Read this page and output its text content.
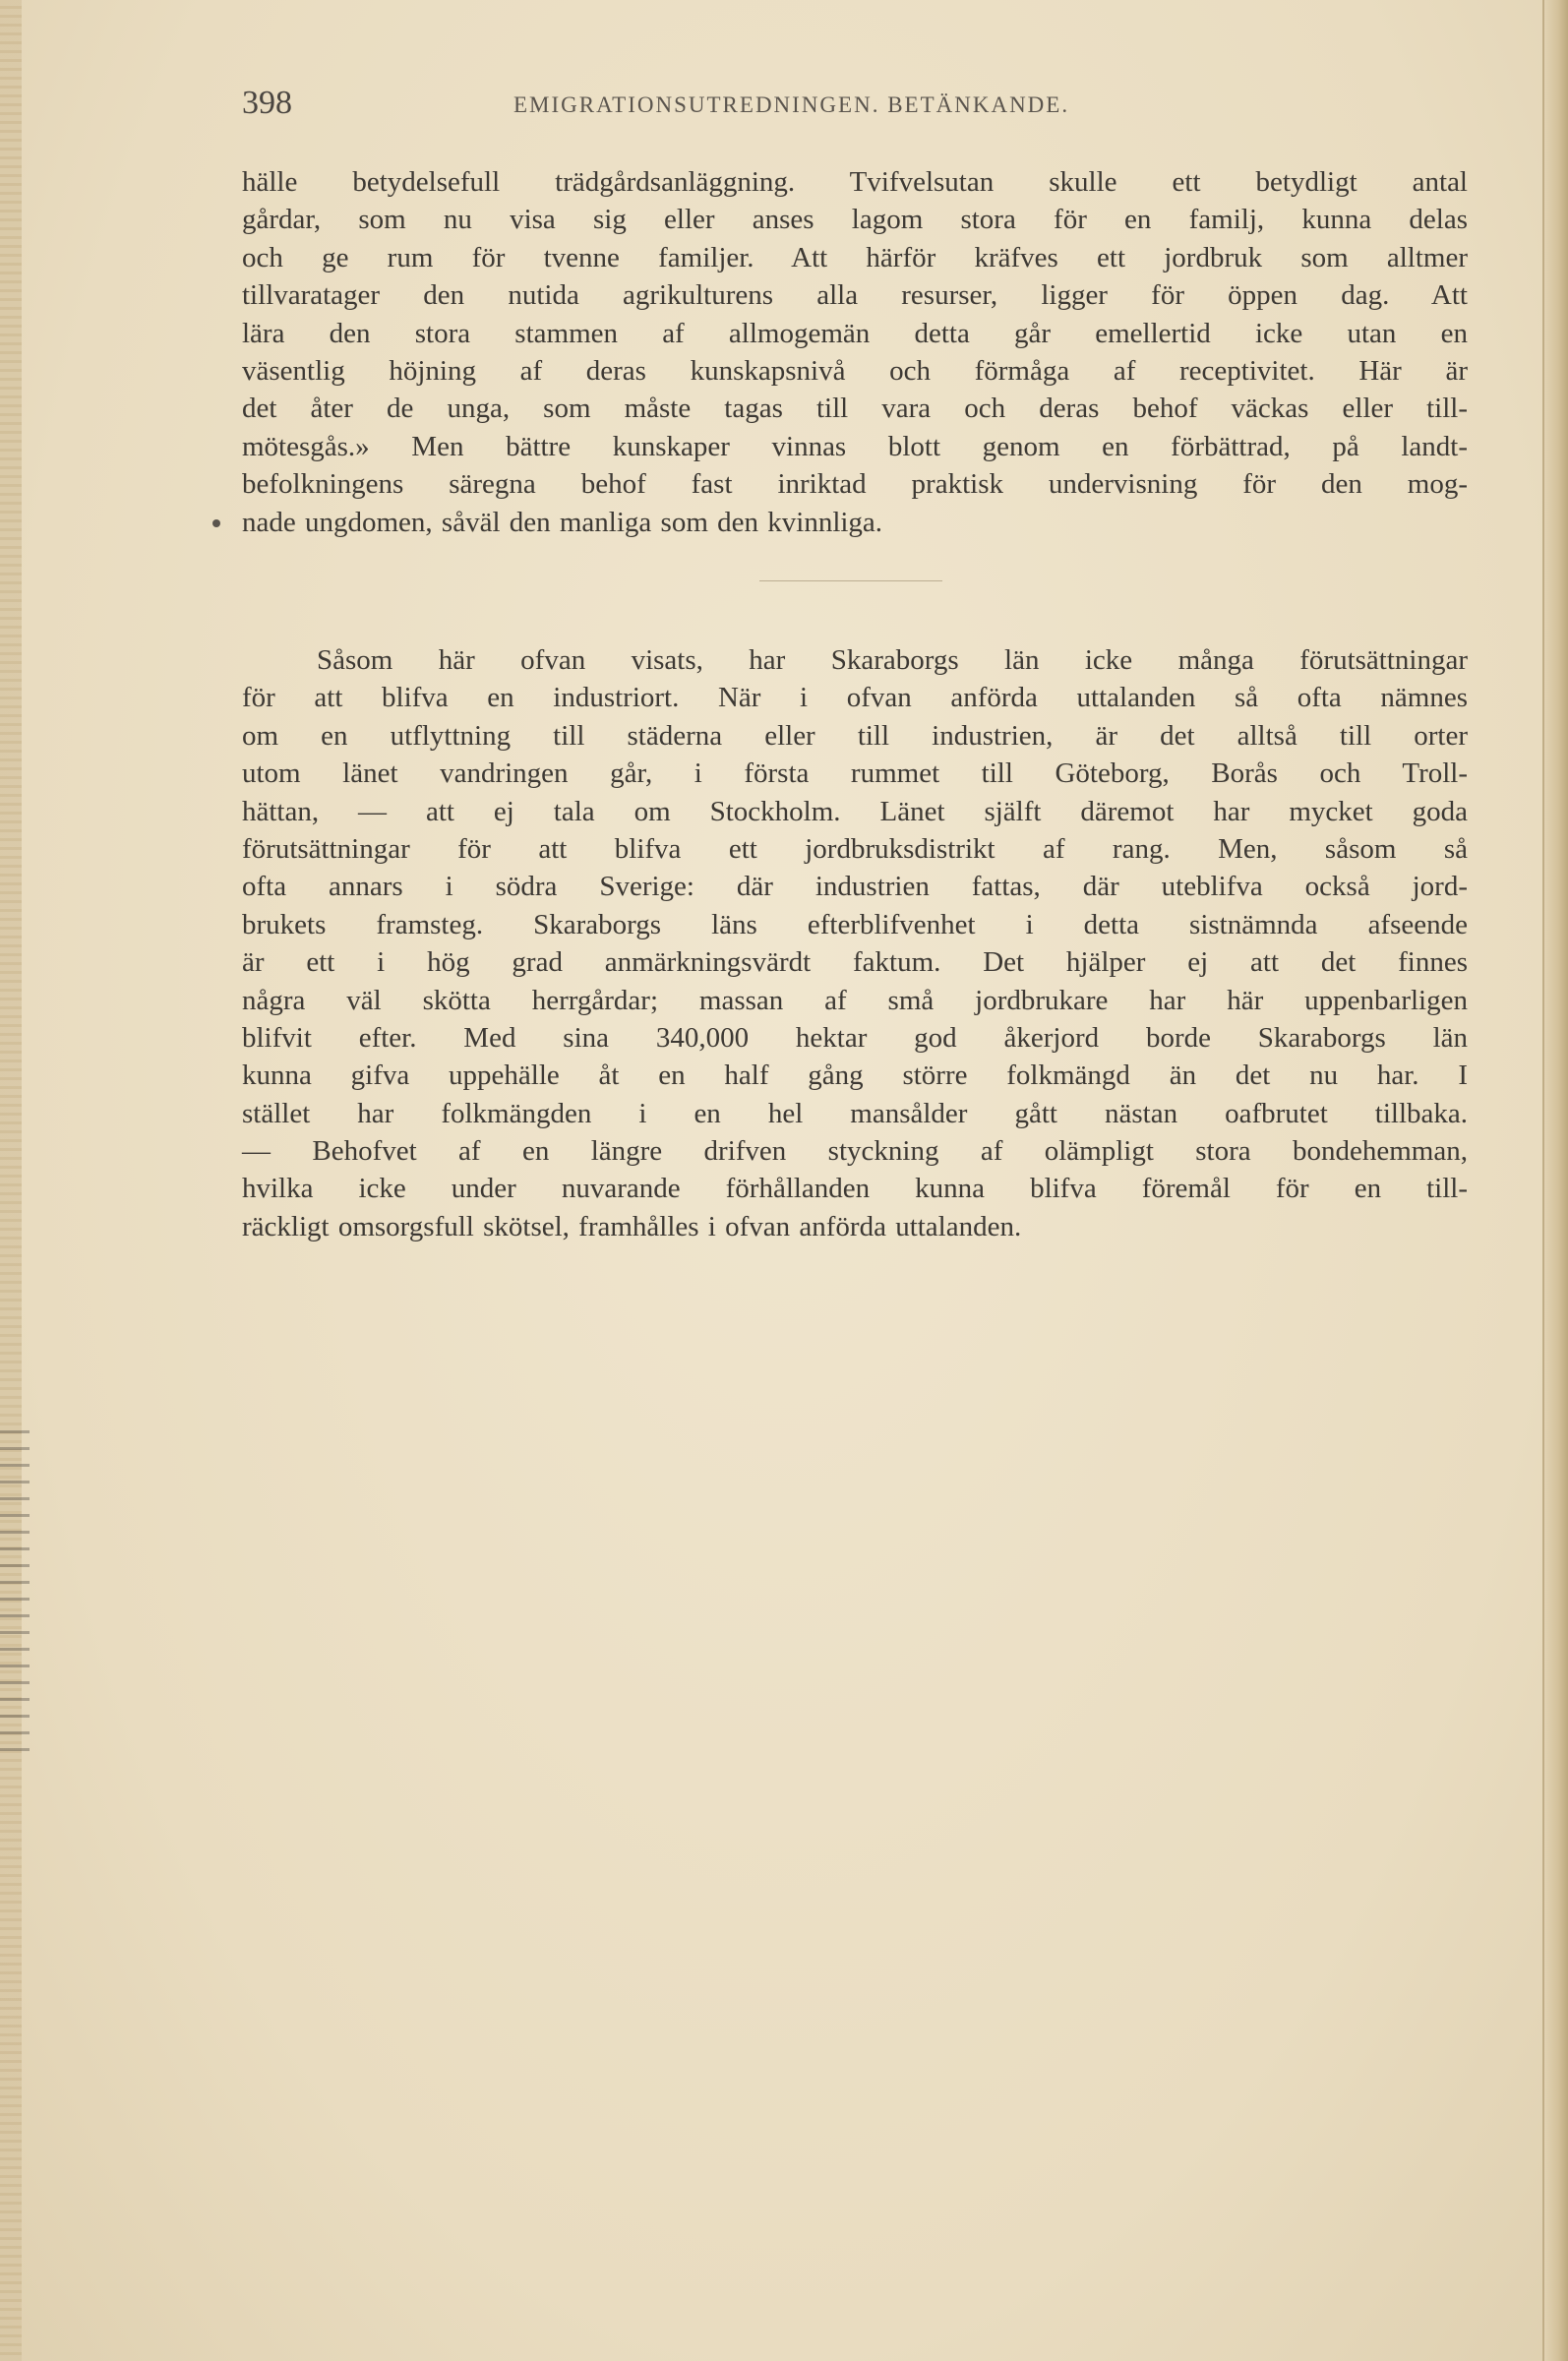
398	EMIGRATIONSUTREDNINGEN. BETÄNKANDE.
hälle betydelsefull trädgårdsanläggning. Tvifvelsutan skulle ett betydligt antal
gårdar, som nu visa sig eller anses lagom stora för en familj, kunna delas
och ge rum för tvenne familjer. Att härför kräfves ett jordbruk som alltmer
tillvaratager den nutida agrikulturens alla resurser, ligger för öppen dag. Att
lära den stora stammen af allmogemän detta går emellertid icke utan en
väsentlig höjning af deras kunskapsnivå och förmåga af receptivitet. Här är
det åter de unga, som måste tagas till vara och deras behof väckas eller till-
mötesgås.» Men bättre kunskaper vinnas blott genom en förbättrad, på landt-
befolkningens säregna behof fast inriktad praktisk undervisning för den mog-
nade ungdomen, såväl den manliga som den kvinnliga.
Såsom här ofvan visats, har Skaraborgs län icke många förutsättningar
för att blifva en industriort. När i ofvan anförda uttalanden så ofta nämnes
om en utflyttning till städerna eller till industrien, är det alltså till orter
utom länet vandringen går, i första rummet till Göteborg, Borås och Troll-
hättan, — att ej tala om Stockholm. Länet själft däremot har mycket goda
förutsättningar för att blifva ett jordbruksdistrikt af rang. Men, såsom så
ofta annars i södra Sverige: där industrien fattas, där uteblifva också jord-
brukets framsteg. Skaraborgs läns efterblifvenhet i detta sistnämnda afseende
är ett i hög grad anmärkningsvärdt faktum. Det hjälper ej att det finnes
några väl skötta herrgårdar; massan af små jordbrukare har här uppenbarligen
blifvit efter. Med sina 340,000 hektar god åkerjord borde Skaraborgs län
kunna gifva uppehälle åt en half gång större folkmängd än det nu har. I
stället har folkmängden i en hel mansålder gått nästan oafbrutet tillbaka.
— Behofvet af en längre drifven styckning af olämpligt stora bondehemman,
hvilka icke under nuvarande förhållanden kunna blifva föremål för en till-
räckligt omsorgsfull skötsel, framhålles i ofvan anförda uttalanden.
